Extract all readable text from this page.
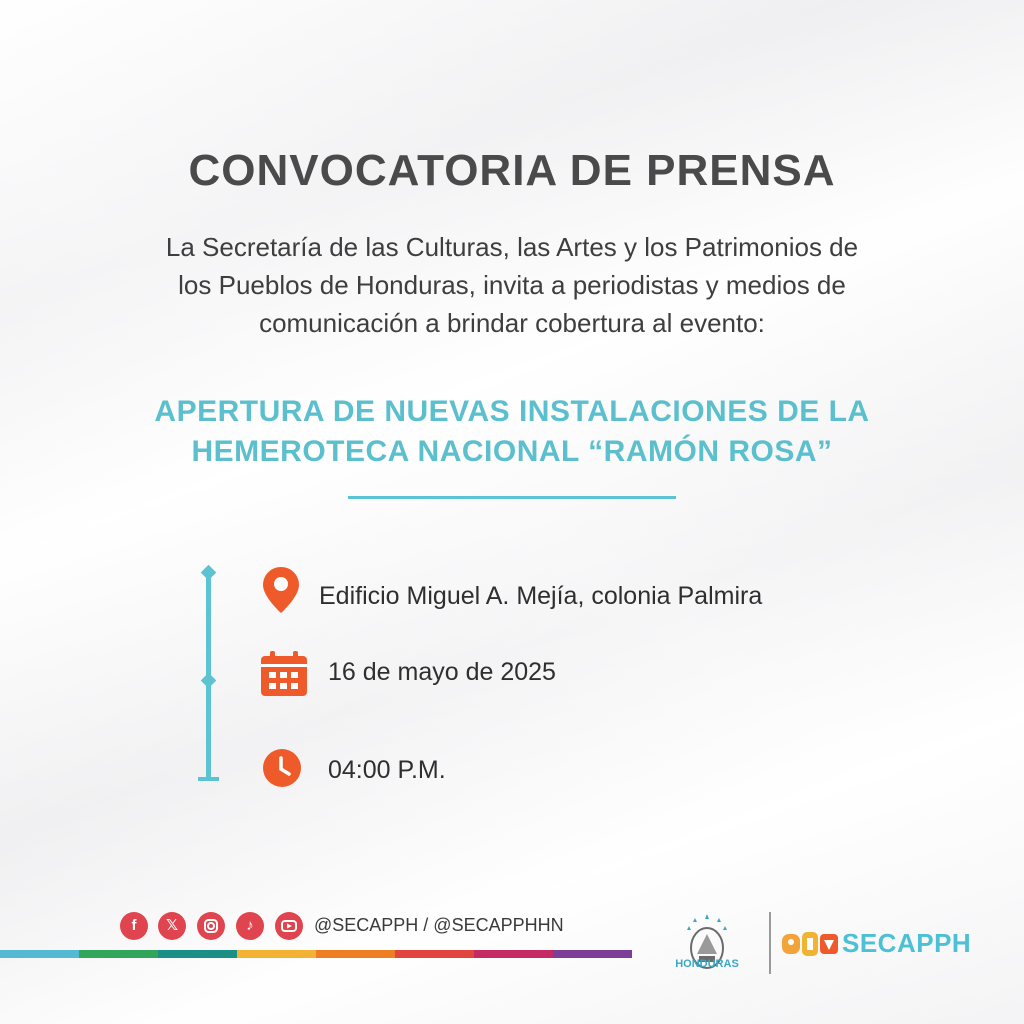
CONVOCATORIA DE PRENSA
La Secretaría de las Culturas, las Artes y los Patrimonios de
los Pueblos de Honduras, invita a periodistas y medios de
comunicación a brindar cobertura al evento:
APERTURA DE NUEVAS INSTALACIONES DE LA
HEMEROTECA NACIONAL “RAMÓN ROSA”
Edificio Miguel A. Mejía, colonia Palmira
16 de mayo de 2025
04:00 P.M.
f	𝕏	♪	@SECAPPH / @SECAPPHHN
HONDURAS
SECAPPH
